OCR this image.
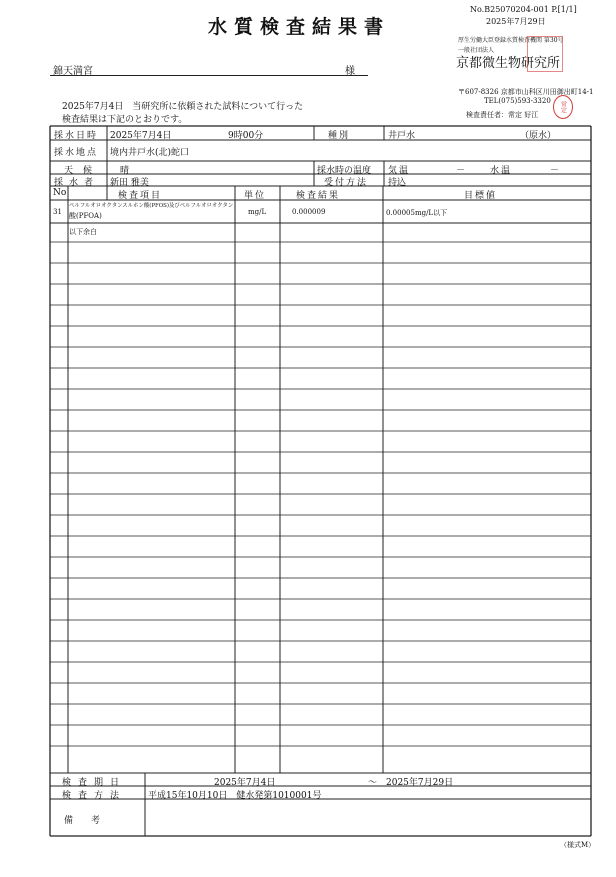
No.B25070204-001 P.[1/1]
2025年7月29日
水質検査結果書
錦天満宮	様
厚生労働大臣登録水質検査機関 第30号
一般社団法人
京都微生物研究所
〒607-8326 京都市山科区川田御出町14-1
TEL(075)593-3320
検査責任者：常定 好江
常定
2025年7月4日　当研究所に依頼された試料について行った
検査結果は下記のとおりです。
採水日時 2025年7月4日	9時00分	種別	井戸水	（原水）
採水地点 境内井戸水(北)蛇口
天候 晴	採水時の温度 気温	－	水温	－
採水者 新田 雅美	受付方法 持込
No	検査項目	単位	検査結果	目標値
31
ペルフルオロオクタンスルホン酸(PFOS)及びペルフルオロオクタン
酸(PFOA)	mg/L	0.000009	0.00005mg/L以下
以下余白
検査期日	2025年7月4日	～ 2025年7月29日
検査方法 平成15年10月10日　健水発第1010001号
備　　考
（様式M）
